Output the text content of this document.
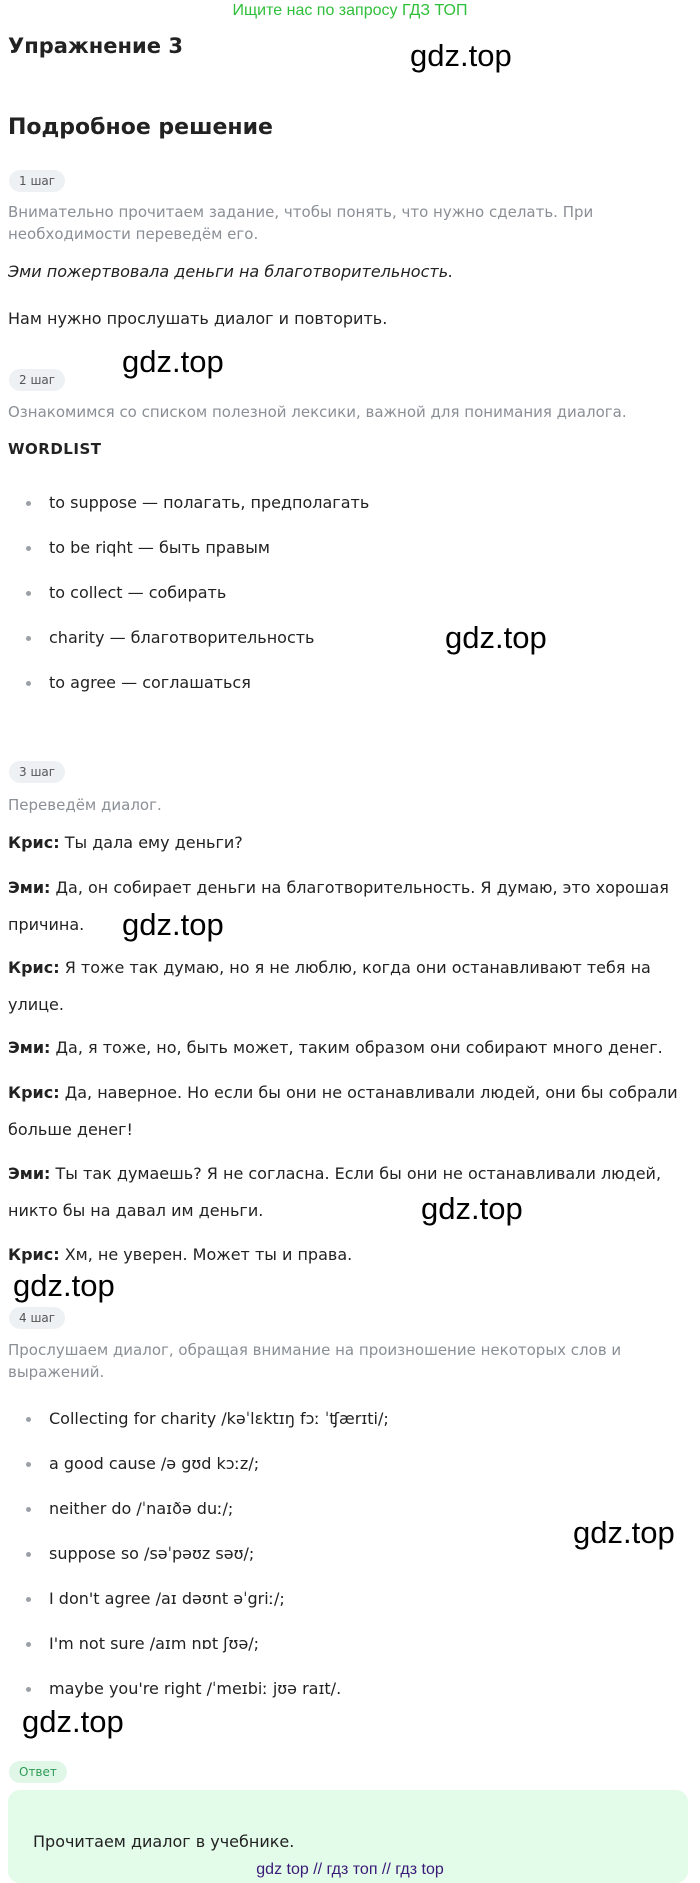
Ищите нас по запросу ГДЗ ТОП
Упражнение 3	gdz.top
Подробное решение
1 шаг
Внимательно прочитаем задание, чтобы понять, что нужно сделать. При необходимости переведём его.
Эми пожертвовала деньги на благотворительность.
Нам нужно прослушать диалог и повторить.
gdz.top
2 шаг
Ознакомимся со списком полезной лексики, важной для понимания диалога.
WORDLIST
to suppose — полагать, предполагать
to be riqht — быть правым
to collect — собирать
charity — благотворительность
to agree — соглашаться
gdz.top
3 шаг
Переведём диалог.
Крис: Ты дала ему деньги?
Эми: Да, он собирает деньги на благотворительность. Я думаю, это хорошая причина.	gdz.top
Крис: Я тоже так думаю, но я не люблю, когда они останавливают тебя на улице.
Эми: Да, я тоже, но, быть может, таким образом они собирают много денег.
Крис: Да, наверное. Но если бы они не останавливали людей, они бы собрали больше денег!
Эми: Ты так думаешь? Я не согласна. Если бы они не останавливали людей, никто бы на давал им деньги.	gdz.top
Крис: Хм, не уверен. Может ты и права.
gdz.top
4 шаг
Прослушаем диалог, обращая внимание на произношение некоторых слов и выражений.
Collecting for charity /kəˈlɛktɪŋ fɔː ˈʧærɪti/;
a good cause /ə gʊd kɔːz/;
neither do /ˈnaɪðə duː/;
suppose so /səˈpəʊz səʊ/;
I don't agree /aɪ dəʊnt əˈgriː/;
I'm not sure /aɪm nɒt ʃʊə/;
maybe you're right /ˈmeɪbiː jʊə raɪt/.
gdz.top
gdz.top
Ответ
Прочитаем диалог в учебнике.
gdz top // гдз топ // гдз top
